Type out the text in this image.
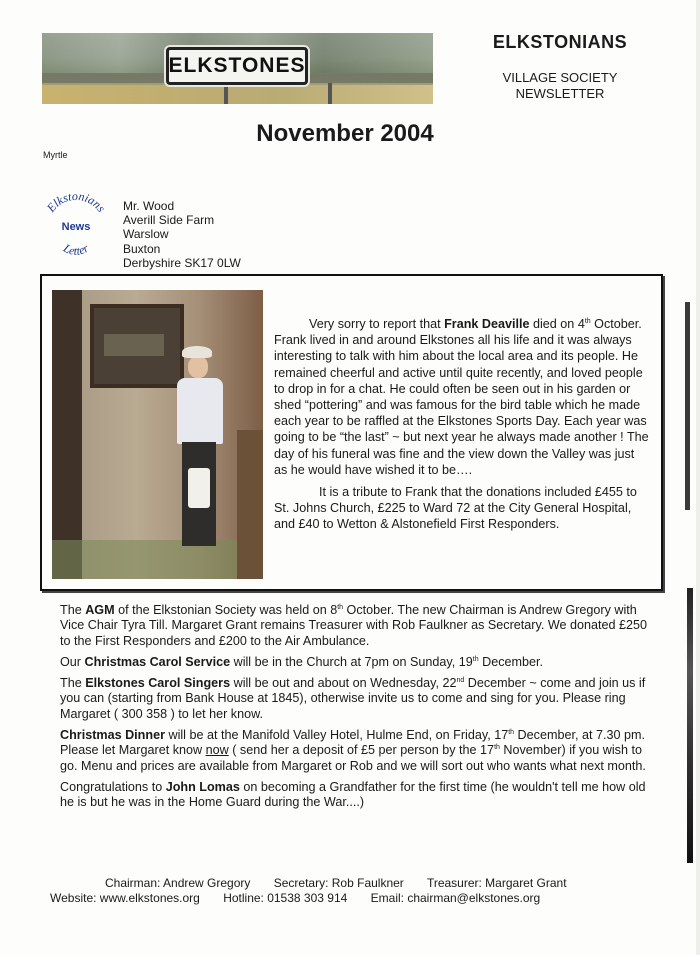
ELKSTONES
ELKSTONIANS
VILLAGE SOCIETY
NEWSLETTER
November 2004
Myrtle
Elkstonians
Letter
News
Mr. Wood
Averill Side Farm
Warslow
Buxton
Derbyshire SK17 0LW

Very sorry to report that Frank Deaville died on 4th October. Frank lived in and around Elkstones all his life and it was always interesting to talk with him about the local area and its people. He remained cheerful and active until quite recently, and loved people to drop in for a chat. He could often be seen out in his garden or shed “pottering” and was famous for the bird table which he made each year to be raffled at the Elkstones Sports Day. Each year was going to be “the last” ~ but next year he always made another ! The day of his funeral was fine and the view down the Valley was just as he would have wished it to be….

It is a tribute to Frank that the donations included £455 to St. Johns Church, £225 to Ward 72 at the City General Hospital, and £40 to Wetton & Alstonefield First Responders.

The AGM of the Elkstonian Society was held on 8th October. The new Chairman is Andrew Gregory with Vice Chair Tyra Till. Margaret Grant remains Treasurer with Rob Faulkner as Secretary. We donated £250 to the First Responders and £200 to the Air Ambulance.

Our Christmas Carol Service will be in the Church at 7pm on Sunday, 19th December.

The Elkstones Carol Singers will be out and about on Wednesday, 22nd December ~ come and join us if you can (starting from Bank House at 1845), otherwise invite us to come and sing for you. Please ring Margaret ( 300 358 ) to let her know.

Christmas Dinner will be at the Manifold Valley Hotel, Hulme End, on Friday, 17th December, at 7.30 pm. Please let Margaret know now ( send her a deposit of £5 per person by the 17th November) if you wish to go. Menu and prices are available from Margaret or Rob and we will sort out who wants what next month.

Congratulations to John Lomas on becoming a Grandfather for the first time (he wouldn't tell me how old he is but he was in the Home Guard during the War....)

Chairman: Andrew Gregory Secretary: Rob Faulkner Treasurer: Margaret Grant
Website: www.elkstones.org Hotline: 01538 303 914 Email: chairman@elkstones.org
